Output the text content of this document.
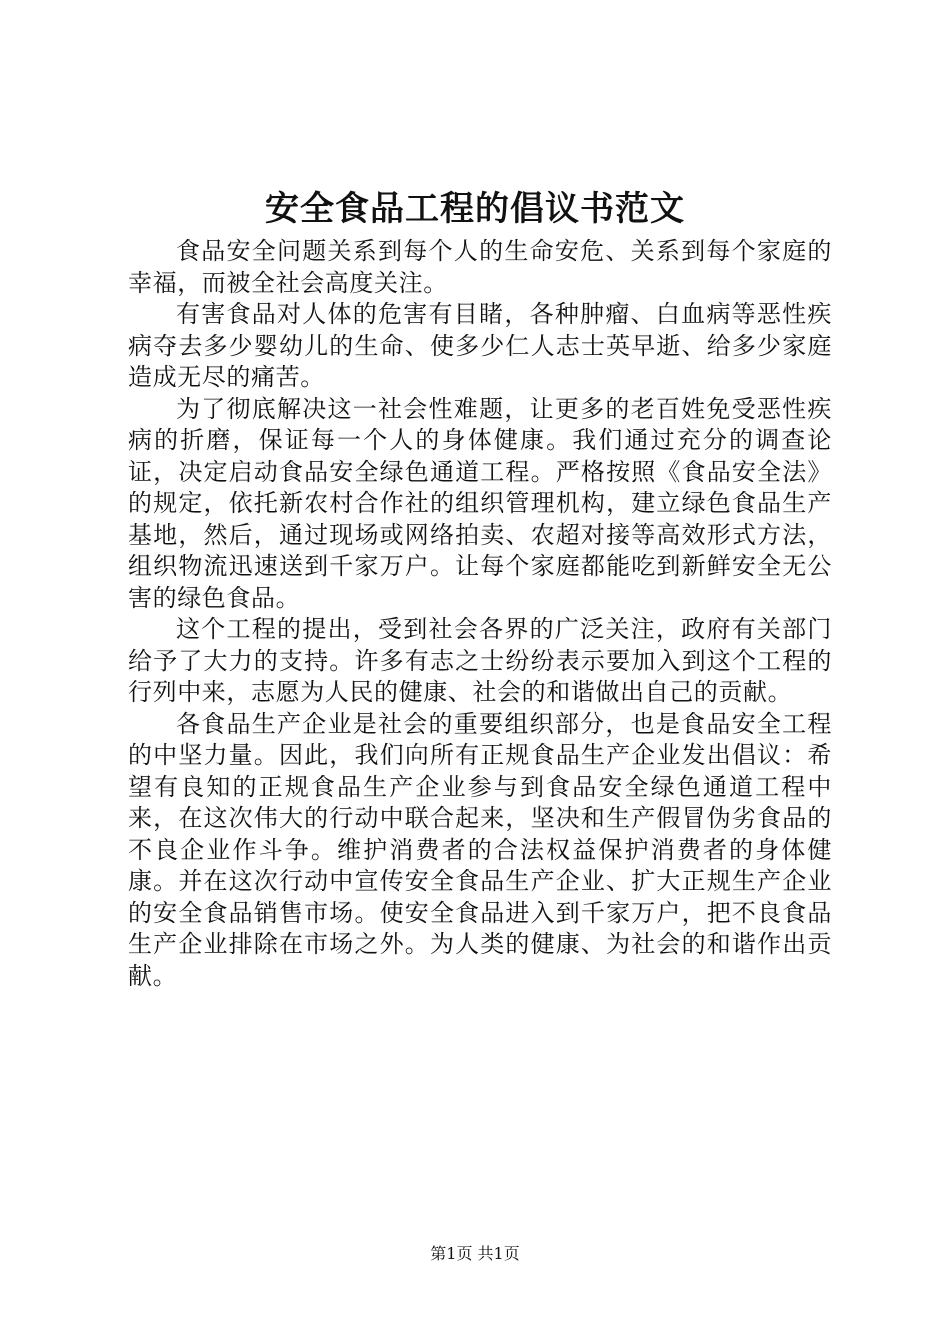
安全食品工程的倡议书范文

食品安全问题关系到每个人的生命安危、关系到每个家庭的幸福，而被全社会高度关注。

有害食品对人体的危害有目睹，各种肿瘤、白血病等恶性疾病夺去多少婴幼儿的生命、使多少仁人志士英早逝、给多少家庭造成无尽的痛苦。

为了彻底解决这一社会性难题，让更多的老百姓免受恶性疾病的折磨，保证每一个人的身体健康。我们通过充分的调查论证，决定启动食品安全绿色通道工程。严格按照《食品安全法》的规定，依托新农村合作社的组织管理机构，建立绿色食品生产基地，然后，通过现场或网络拍卖、农超对接等高效形式方法，组织物流迅速送到千家万户。让每个家庭都能吃到新鲜安全无公害的绿色食品。

这个工程的提出，受到社会各界的广泛关注，政府有关部门给予了大力的支持。许多有志之士纷纷表示要加入到这个工程的行列中来，志愿为人民的健康、社会的和谐做出自己的贡献。

各食品生产企业是社会的重要组织部分，也是食品安全工程的中坚力量。因此，我们向所有正规食品生产企业发出倡议：希望有良知的正规食品生产企业参与到食品安全绿色通道工程中来，在这次伟大的行动中联合起来，坚决和生产假冒伪劣食品的不良企业作斗争。维护消费者的合法权益保护消费者的身体健康。并在这次行动中宣传安全食品生产企业、扩大正规生产企业的安全食品销售市场。使安全食品进入到千家万户，把不良食品生产企业排除在市场之外。为人类的健康、为社会的和谐作出贡献。

第1页 共1页
